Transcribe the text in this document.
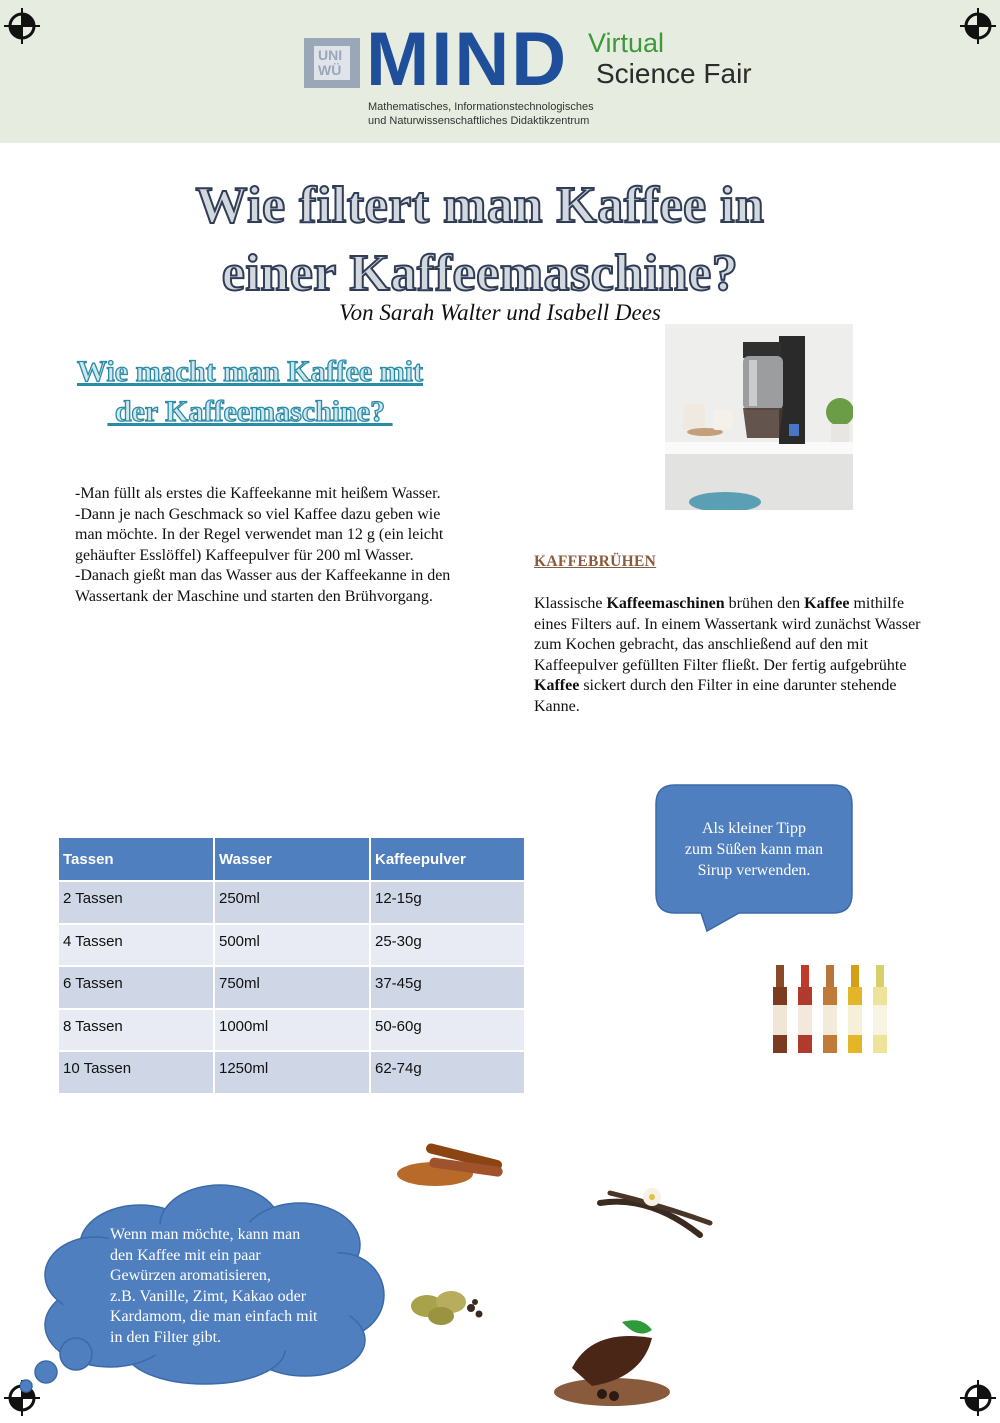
UNI
WÜ MIND
Mathematisches, Informationstechnologisches
und Naturwissenschaftliches Didaktikzentrum
Virtual
Science Fair
Wie filtert man Kaffee in
einer Kaffeemaschine?
Von Sarah Walter und Isabell Dees
Wie macht man Kaffee mit
der Kaffeemaschine?

-Man füllt als erstes die Kaffeekanne mit heißem Wasser.

-Dann je nach Geschmack so viel Kaffee dazu geben wie man möchte. In der Regel verwendet man 12 g (ein leicht gehäufter Esslöffel) Kaffeepulver für 200 ml Wasser.

-Danach gießt man das Wasser aus der Kaffeekanne in den Wassertank der Maschine und starten den Brühvorgang.

KAFFEBRÜHEN

Klassische Kaffeemaschinen brühen den Kaffee mithilfe eines Filters auf. In einem Wassertank wird zunächst Wasser zum Kochen gebracht, das anschließend auf den mit Kaffeepulver gefüllten Filter fließt. Der fertig aufgebrühte Kaffee sickert durch den Filter in eine darunter stehende Kanne.

Tassen	Wasser	Kaffeepulver
2 Tassen	250ml	12-15g
4 Tassen	500ml	25-30g
6 Tassen	750ml	37-45g
8 Tassen	1000ml	50-60g
10 Tassen	1250ml	62-74g
Als kleiner Tipp
zum Süßen kann man
Sirup verwenden.

Wenn man möchte, kann man

den Kaffee mit ein paar

Gewürzen aromatisieren,

z.B. Vanille, Zimt, Kakao oder

Kardamom, die man einfach mit

in den Filter gibt.
